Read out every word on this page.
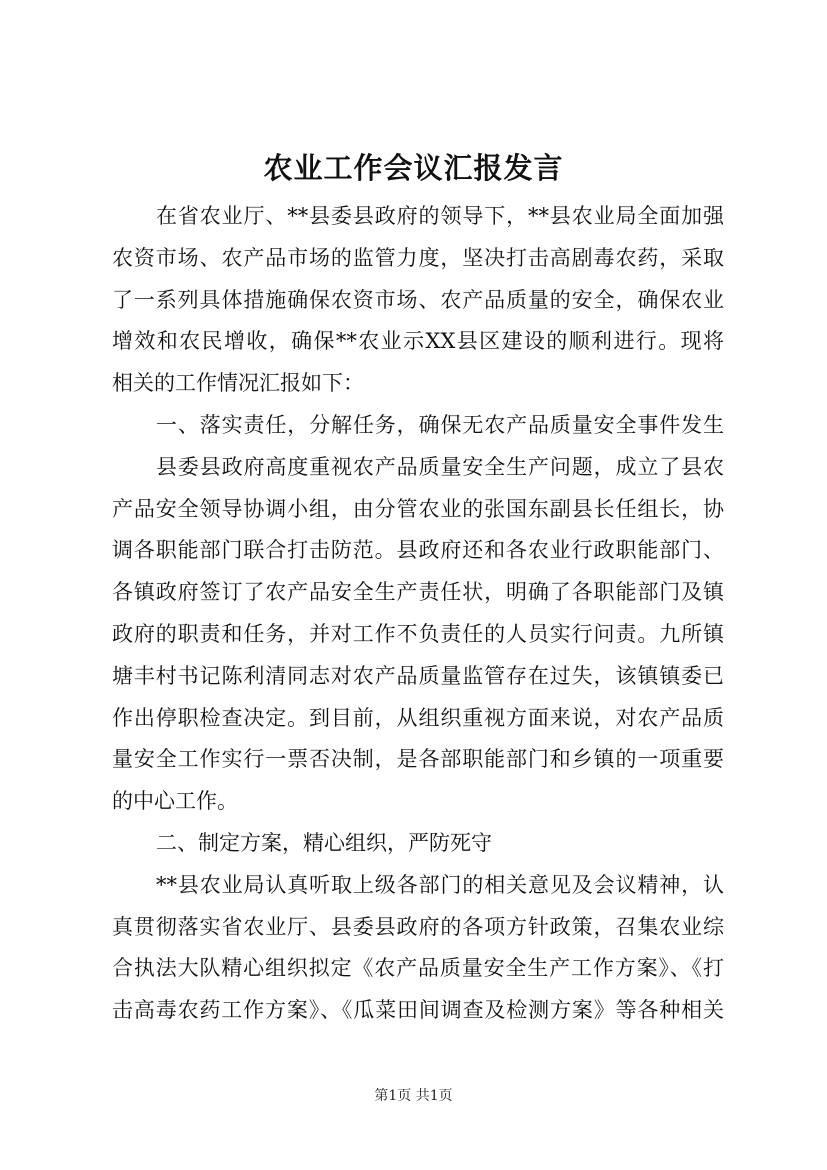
农业工作会议汇报发言
在省农业厅、**县委县政府的领导下，**县农业局全面加强
农资市场、农产品市场的监管力度，坚决打击高剧毒农药，采取
了一系列具体措施确保农资市场、农产品质量的安全，确保农业
增效和农民增收，确保**农业示XX县区建设的顺利进行。现将
相关的工作情况汇报如下：
一、落实责任，分解任务，确保无农产品质量安全事件发生
县委县政府高度重视农产品质量安全生产问题，成立了县农
产品安全领导协调小组，由分管农业的张国东副县长任组长，协
调各职能部门联合打击防范。县政府还和各农业行政职能部门、
各镇政府签订了农产品安全生产责任状，明确了各职能部门及镇
政府的职责和任务，并对工作不负责任的人员实行问责。九所镇
塘丰村书记陈利清同志对农产品质量监管存在过失，该镇镇委已
作出停职检查决定。到目前，从组织重视方面来说，对农产品质
量安全工作实行一票否决制，是各部职能部门和乡镇的一项重要
的中心工作。
二、制定方案，精心组织，严防死守
**县农业局认真听取上级各部门的相关意见及会议精神，认
真贯彻落实省农业厅、县委县政府的各项方针政策，召集农业综
合执法大队精心组织拟定《农产品质量安全生产工作方案》、《打
击高毒农药工作方案》、《瓜菜田间调查及检测方案》等各种相关
第1页 共1页
